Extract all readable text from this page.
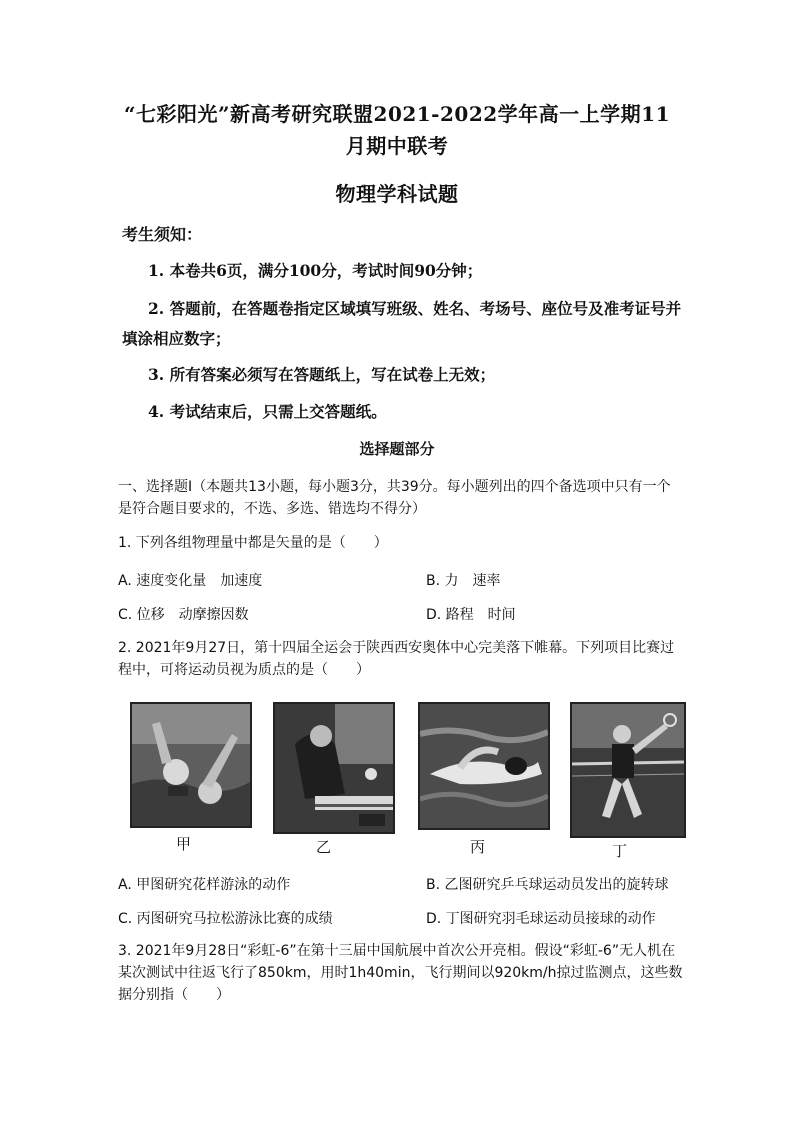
“七彩阳光”新高考研究联盟2021-2022学年高一上学期11
月期中联考
物理学科试题
考生须知：
1. 本卷共6页，满分100分，考试时间90分钟；
2. 答题前，在答题卷指定区域填写班级、姓名、考场号、座位号及准考证号并填涂相应数字；
3. 所有答案必须写在答题纸上，写在试卷上无效；
4. 考试结束后，只需上交答题纸。
选择题部分
一、选择题Ⅰ（本题共13小题，每小题3分，共39分。每小题列出的四个备选项中只有一个是符合题目要求的，不选、多选、错选均不得分）
1. 下列各组物理量中都是矢量的是（　　）
A. 速度变化量　加速度	B. 力　速率
C. 位移　动摩擦因数	D. 路程　时间
2. 2021年9月27日，第十四届全运会于陕西西安奥体中心完美落下帷幕。下列项目比赛过程中，可将运动员视为质点的是（　　）
甲	乙	丙	丁
A. 甲图研究花样游泳的动作	B. 乙图研究乒乓球运动员发出的旋转球
C. 丙图研究马拉松游泳比赛的成绩	D. 丁图研究羽毛球运动员接球的动作
3. 2021年9月28日“彩虹-6”在第十三届中国航展中首次公开亮相。假设“彩虹-6”无人机在某次测试中往返飞行了850km，用时1h40min，飞行期间以920km/h掠过监测点，这些数据分别指（　　）
